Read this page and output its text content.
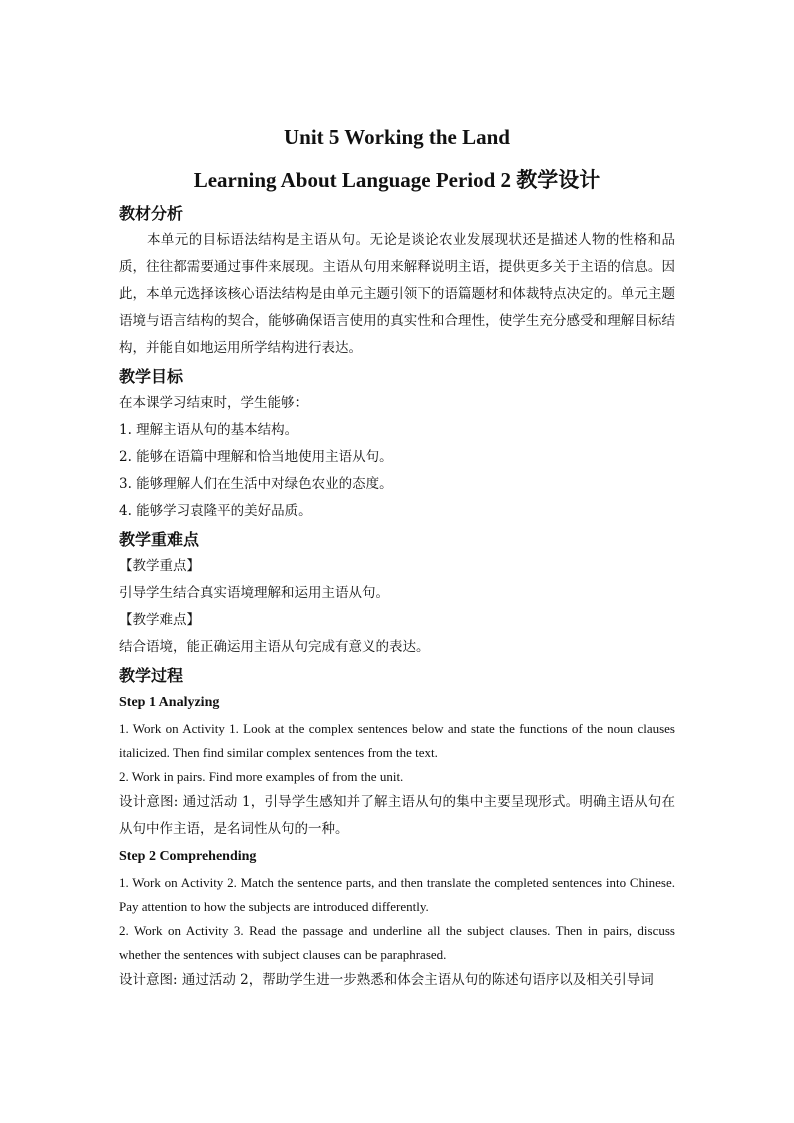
Unit 5 Working the Land
Learning About Language Period 2 教学设计
教材分析

本单元的目标语法结构是主语从句。无论是谈论农业发展现状还是描述人物的性格和品质，往往都需要通过事件来展现。主语从句用来解释说明主语，提供更多关于主语的信息。因此，本单元选择该核心语法结构是由单元主题引领下的语篇题材和体裁特点决定的。单元主题语境与语言结构的契合，能够确保语言使用的真实性和合理性，使学生充分感受和理解目标结构，并能自如地运用所学结构进行表达。

教学目标

在本课学习结束时，学生能够：

1. 理解主语从句的基本结构。

2. 能够在语篇中理解和恰当地使用主语从句。

3. 能够理解人们在生活中对绿色农业的态度。

4. 能够学习袁隆平的美好品质。

教学重难点

【教学重点】

引导学生结合真实语境理解和运用主语从句。

【教学难点】

结合语境，能正确运用主语从句完成有意义的表达。

教学过程

Step 1 Analyzing

1. Work on Activity 1. Look at the complex sentences below and state the functions of the noun clauses italicized. Then find similar complex sentences from the text.

2. Work in pairs. Find more examples of from the unit.

设计意图: 通过活动 1，引导学生感知并了解主语从句的集中主要呈现形式。明确主语从句在从句中作主语，是名词性从句的一种。

Step 2 Comprehending

1. Work on Activity 2. Match the sentence parts, and then translate the completed sentences into Chinese. Pay attention to how the subjects are introduced differently.

2. Work on Activity 3. Read the passage and underline all the subject clauses. Then in pairs, discuss whether the sentences with subject clauses can be paraphrased.

设计意图: 通过活动 2，帮助学生进一步熟悉和体会主语从句的陈述句语序以及相关引导词
